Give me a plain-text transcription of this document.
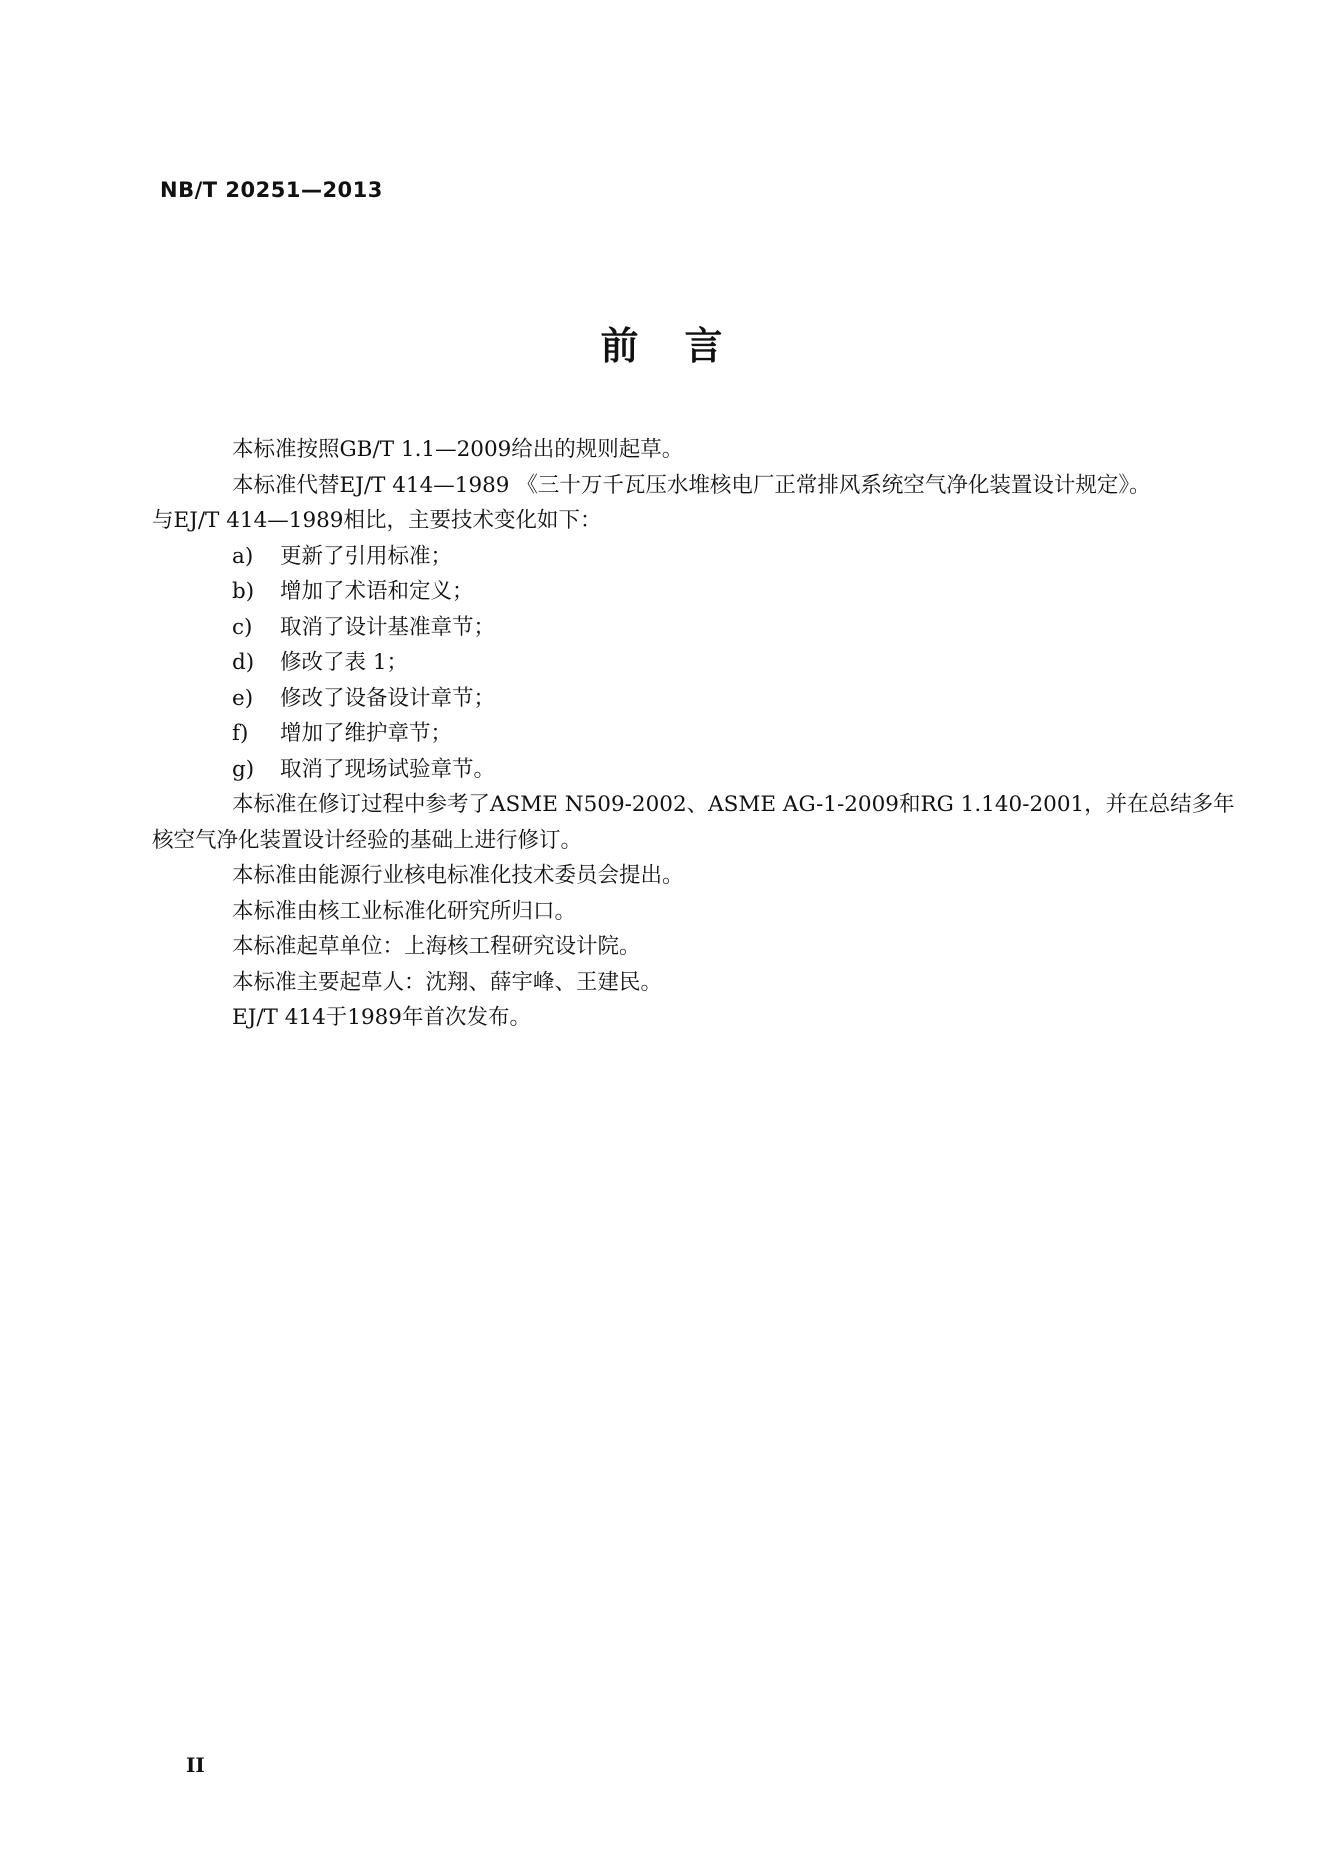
NB/T 20251—2013
前言

本标准按照GB/T 1.1—2009给出的规则起草。

本标准代替EJ/T 414—1989 《三十万千瓦压水堆核电厂正常排风系统空气净化装置设计规定》。

与EJ/T 414—1989相比，主要技术变化如下：

a) 更新了引用标准；

b) 增加了术语和定义；

c) 取消了设计基准章节；

d) 修改了表 1；

e) 修改了设备设计章节；

f) 增加了维护章节；

g) 取消了现场试验章节。

本标准在修订过程中参考了ASME N509-2002、ASME AG-1-2009和RG 1.140-2001，并在总结多年

核空气净化装置设计经验的基础上进行修订。

本标准由能源行业核电标准化技术委员会提出。

本标准由核工业标准化研究所归口。

本标准起草单位：上海核工程研究设计院。

本标准主要起草人：沈翔、薛宇峰、王建民。

EJ/T 414于1989年首次发布。

II
